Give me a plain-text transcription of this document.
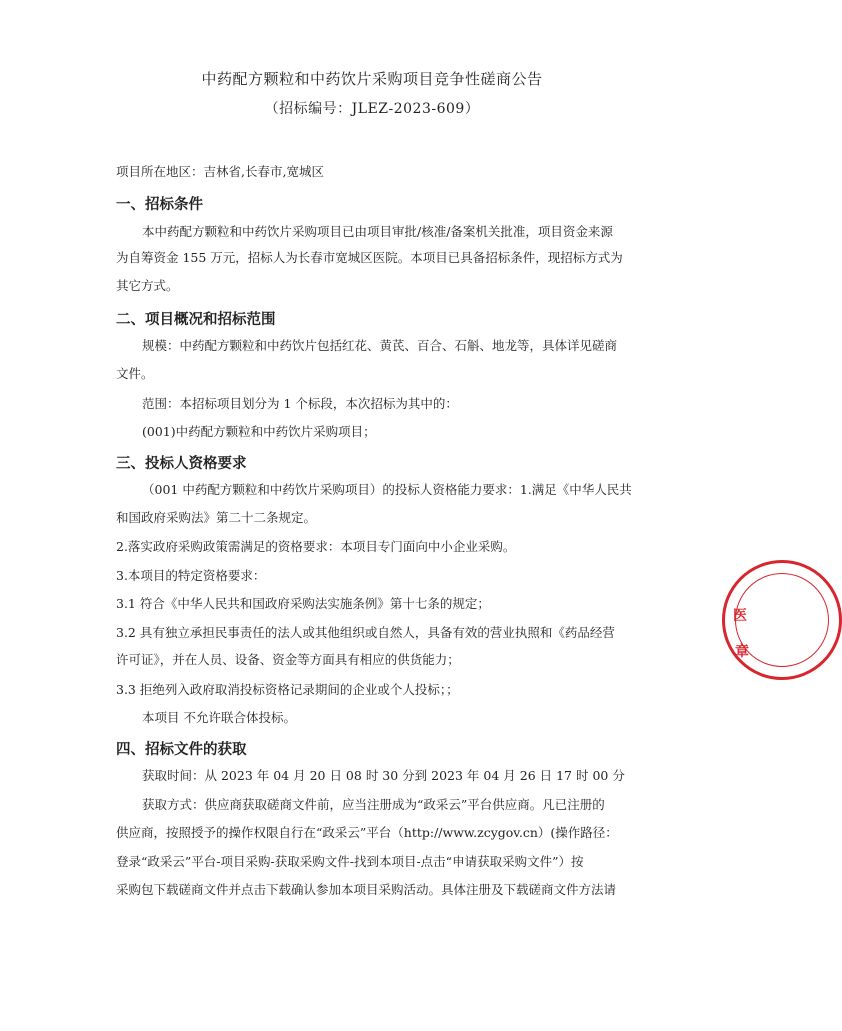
中药配方颗粒和中药饮片采购项目竞争性磋商公告
（招标编号：JLEZ-2023-609）
项目所在地区：吉林省,长春市,宽城区
一、招标条件
本中药配方颗粒和中药饮片采购项目已由项目审批/核准/备案机关批准，项目资金来源
为自筹资金 155 万元，招标人为长春市宽城区医院。本项目已具备招标条件，现招标方式为
其它方式。
二、项目概况和招标范围
规模：中药配方颗粒和中药饮片包括红花、黄芪、百合、石斛、地龙等，具体详见磋商
文件。
范围：本招标项目划分为 1 个标段，本次招标为其中的：
(001)中药配方颗粒和中药饮片采购项目；
三、投标人资格要求
（001 中药配方颗粒和中药饮片采购项目）的投标人资格能力要求：1.满足《中华人民共
和国政府采购法》第二十二条规定。
2.落实政府采购政策需满足的资格要求：本项目专门面向中小企业采购。
3.本项目的特定资格要求：
3.1 符合《中华人民共和国政府采购法实施条例》第十七条的规定；
3.2 具有独立承担民事责任的法人或其他组织或自然人，具备有效的营业执照和《药品经营
许可证》，并在人员、设备、资金等方面具有相应的供货能力；
3.3 拒绝列入政府取消投标资格记录期间的企业或个人投标；；
本项目 不允许联合体投标。
四、招标文件的获取
获取时间：从 2023 年 04 月 20 日 08 时 30 分到 2023 年 04 月 26 日 17 时 00 分
获取方式：供应商获取磋商文件前，应当注册成为“政采云”平台供应商。凡已注册的
供应商，按照授予的操作权限自行在“政采云”平台（http://www.zcygov.cn）(操作路径：
登录“政采云”平台-项目采购-获取采购文件-找到本项目-点击“申请获取采购文件”）按
采购包下载磋商文件并点击下载确认参加本项目采购活动。具体注册及下载磋商文件方法请
医
章
